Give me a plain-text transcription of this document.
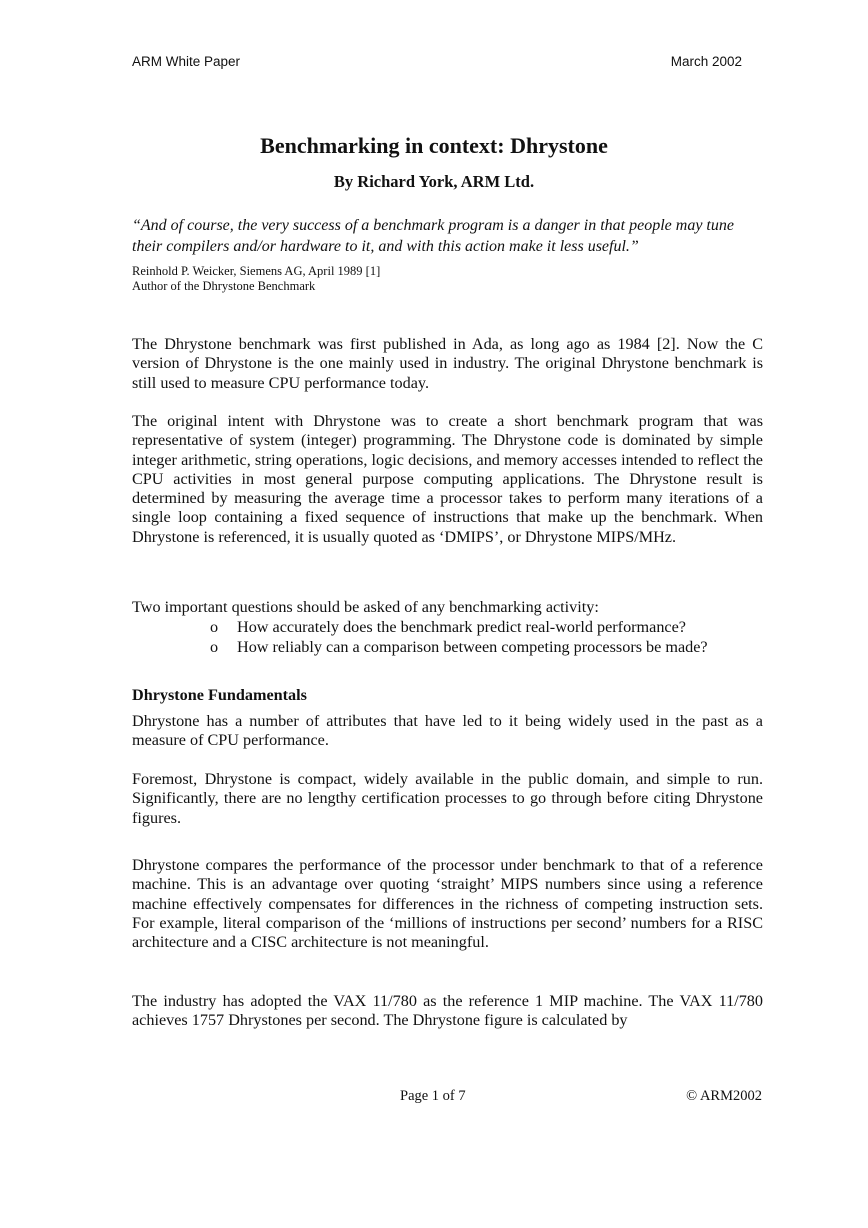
ARM White Paper	March 2002
Benchmarking in context: Dhrystone
By Richard York, ARM Ltd.
“And of course, the very success of a benchmark program is a danger in that people may tune their compilers and/or hardware to it, and with this action make it less useful.”
Reinhold P. Weicker, Siemens AG, April 1989 [1]
Author of the Dhrystone Benchmark
The Dhrystone benchmark was first published in Ada, as long ago as 1984 [2]. Now the C version of Dhrystone is the one mainly used in industry. The original Dhrystone benchmark is still used to measure CPU performance today.
The original intent with Dhrystone was to create a short benchmark program that was representative of system (integer) programming. The Dhrystone code is dominated by simple integer arithmetic, string operations, logic decisions, and memory accesses intended to reflect the CPU activities in most general purpose computing applications. The Dhrystone result is determined by measuring the average time a processor takes to perform many iterations of a single loop containing a fixed sequence of instructions that make up the benchmark. When Dhrystone is referenced, it is usually quoted as ‘DMIPS’, or Dhrystone MIPS/MHz.
Two important questions should be asked of any benchmarking activity:
o	How accurately does the benchmark predict real-world performance?
o	How reliably can a comparison between competing processors be made?
Dhrystone Fundamentals
Dhrystone has a number of attributes that have led to it being widely used in the past as a measure of CPU performance.
Foremost, Dhrystone is compact, widely available in the public domain, and simple to run. Significantly, there are no lengthy certification processes to go through before citing Dhrystone figures.
Dhrystone compares the performance of the processor under benchmark to that of a reference machine. This is an advantage over quoting ‘straight’ MIPS numbers since using a reference machine effectively compensates for differences in the richness of competing instruction sets. For example, literal comparison of the ‘millions of instructions per second’ numbers for a RISC architecture and a CISC architecture is not meaningful.
The industry has adopted the VAX 11/780 as the reference 1 MIP machine. The VAX 11/780 achieves 1757 Dhrystones per second. The Dhrystone figure is calculated by
Page 1 of 7	© ARM2002
